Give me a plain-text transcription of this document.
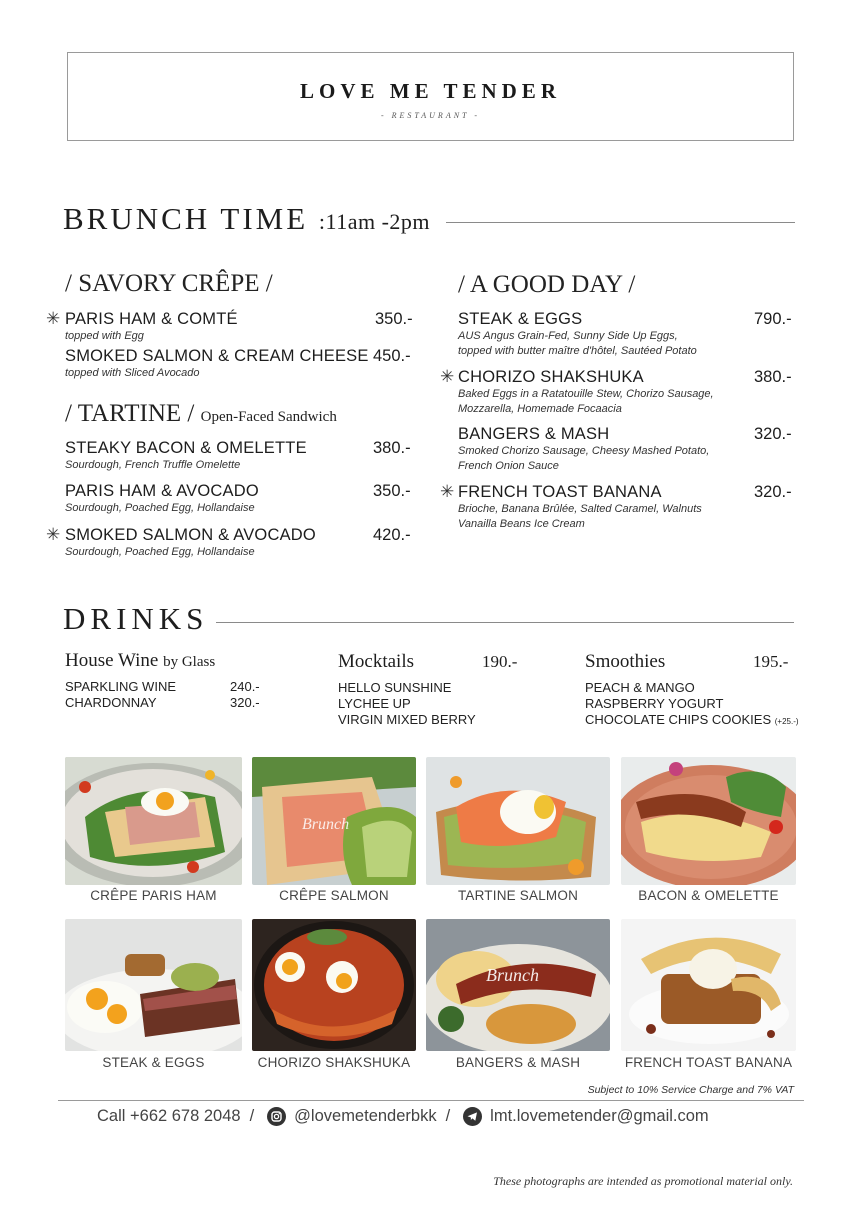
LOVE ME TENDER
- RESTAURANT -
BRUNCH TIME :11am -2pm
/ SAVORY CRÊPE /
✳ PARIS HAM & COMTÉ
topped with Egg
350.-
SMOKED SALMON & CREAM CHEESE
topped with Sliced Avocado
450.-
/ TARTINE / Open-Faced Sandwich
STEAKY BACON & OMELETTE
Sourdough, French Truffle Omelette
380.-
PARIS HAM & AVOCADO
Sourdough, Poached Egg, Hollandaise
350.-
✳ SMOKED SALMON & AVOCADO
Sourdough, Poached Egg, Hollandaise
420.-
/ A GOOD DAY /
STEAK & EGGS
AUS Angus Grain-Fed, Sunny Side Up Eggs,
topped with butter maître d'hôtel, Sautéed Potato
790.-
✳ CHORIZO SHAKSHUKA
Baked Eggs in a Ratatouille Stew, Chorizo Sausage,
Mozzarella, Homemade Focaacia
380.-
BANGERS & MASH
Smoked Chorizo Sausage, Cheesy Mashed Potato,
French Onion Sauce
320.-
✳ FRENCH TOAST BANANA
Brioche, Banana Brûlée, Salted Caramel, Walnuts
Vanailla Beans Ice Cream
320.-
DRINKS
House Wine by Glass
SPARKLING WINE	240.-
CHARDONNAY	320.-
Mocktails	190.-
HELLO SUNSHINE
LYCHEE UP
VIRGIN MIXED BERRY
Smoothies	195.-
PEACH & MANGO
RASPBERRY YOGURT
CHOCOLATE CHIPS COOKIES (+25.-)
Brunch
CRÊPE PARIS HAM	CRÊPE SALMON	TARTINE SALMON	BACON & OMELETTE
Brunch
STEAK & EGGS	CHORIZO SHAKSHUKA	BANGERS & MASH	FRENCH TOAST BANANA
Subject to 10% Service Charge and 7% VAT
Call +662 678 2048 / @lovemetenderbkk / lmt.lovemetender@gmail.com
These photographs are intended as promotional material only.
